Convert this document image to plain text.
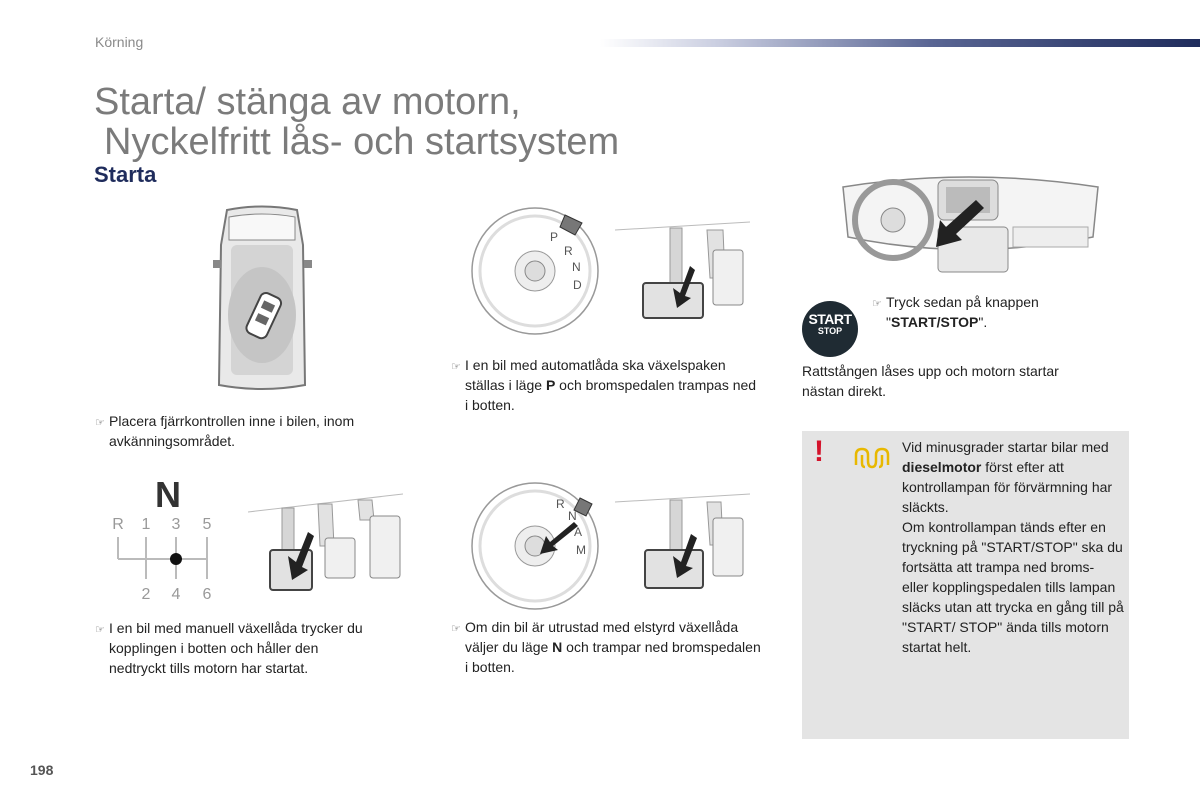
Körning
Starta/ stänga av motorn,
Nyckelfritt lås- och startsystem
Starta
P
R
N
D
START
STOP
☞ Placera fjärrkontrollen inne i bilen, inom avkänningsområdet.
☞ I en bil med automatlåda ska växelspaken ställas i läge P och bromspedalen trampas ned i botten.
☞ Tryck sedan på knappen "START/STOP".
Rattstången låses upp och motorn startar nästan direkt.
N
R 1 3 5
2 4 6
R
N
A
M
☞ I en bil med manuell växellåda trycker du kopplingen i botten och håller den nedtryckt tills motorn har startat.
☞ Om din bil är utrustad med elstyrd växellåda väljer du läge N och trampar ned bromspedalen i botten.
!	Vid minusgrader startar bilar med dieselmotor först efter att kontrollampan för förvärmning har släckts.
Om kontrollampan tänds efter en tryckning på "START/STOP" ska du fortsätta att trampa ned broms- eller kopplingspedalen tills lampan släcks utan att trycka en gång till på "START/ STOP" ända tills motorn startat helt.
198
